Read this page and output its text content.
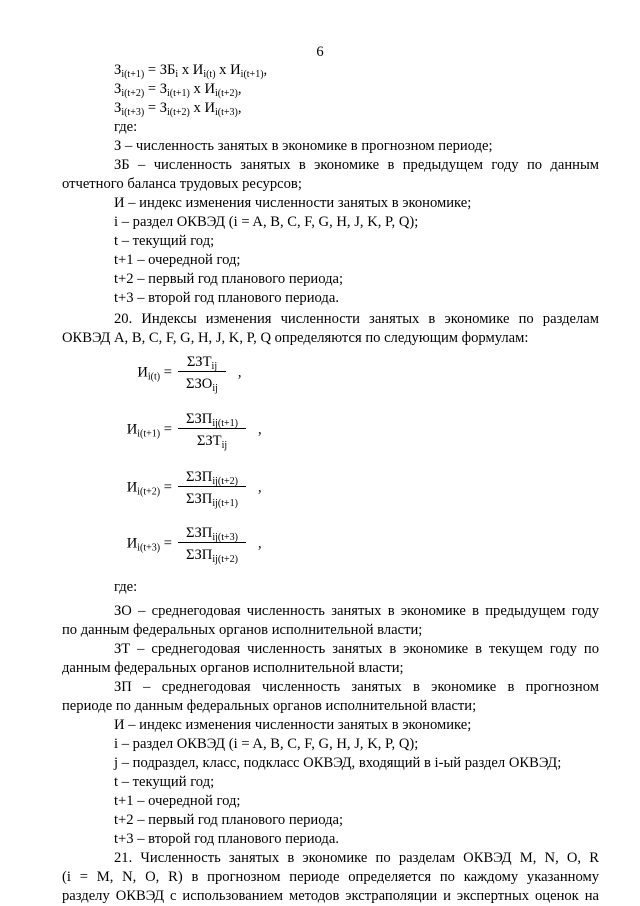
6
$З_{i(t+1)} = ЗБ_i$ х $И_{i(t)}$ х $И_{i(t+1)}$,
$З_{i(t+2)} = З_{i(t+1)}$ х $И_{i(t+2)}$,
$З_{i(t+3)} = З_{i(t+2)}$ х $И_{i(t+3)}$,
где:
З – численность занятых в экономике в прогнозном периоде;
ЗБ – численность занятых в экономике в предыдущем году по данным
отчетного баланса трудовых ресурсов;
И – индекс изменения численности занятых в экономике;
i – раздел ОКВЭД (i = A, B, C, F, G, H, J, K, P, Q);
t – текущий год;
t+1 – очередной год;
t+2 – первый год планового периода;
t+3 – второй год планового периода.
20. Индексы изменения численности занятых в экономике по разделам
ОКВЭД A, B, C, F, G, H, J, K, P, Q определяются по следующим формулам:
$И_{i(t)}$ =
$\Sigma ЗТ_{ij}$
$\Sigma ЗО_{ij}$
,
$И_{i(t+1)}$ =
$\Sigma ЗП_{ij(t+1)}$
$\Sigma ЗТ_{ij}$
,
$И_{i(t+2)}$ =
$\Sigma ЗП_{ij(t+2)}$
$\Sigma ЗП_{ij(t+1)}$
,
$И_{i(t+3)}$ =
$\Sigma ЗП_{ij(t+3)}$
$\Sigma ЗП_{ij(t+2)}$
,
где:
ЗО – среднегодовая численность занятых в экономике в предыдущем году
по данным федеральных органов исполнительной власти;
ЗТ – среднегодовая численность занятых в экономике в текущем году по
данным федеральных органов исполнительной власти;
ЗП – среднегодовая численность занятых в экономике в прогнозном
периоде по данным федеральных органов исполнительной власти;
И – индекс изменения численности занятых в экономике;
i – раздел ОКВЭД (i = A, B, C, F, G, H, J, K, P, Q);
j – подраздел, класс, подкласс ОКВЭД, входящий в i-ый раздел ОКВЭД;
t – текущий год;
t+1 – очередной год;
t+2 – первый год планового периода;
t+3 – второй год планового периода.
21. Численность занятых в экономике по разделам ОКВЭД M, N, O, R
(i = M, N, O, R) в прогнозном периоде определяется по каждому указанному
разделу ОКВЭД с использованием методов экстраполяции и экспертных оценок на
